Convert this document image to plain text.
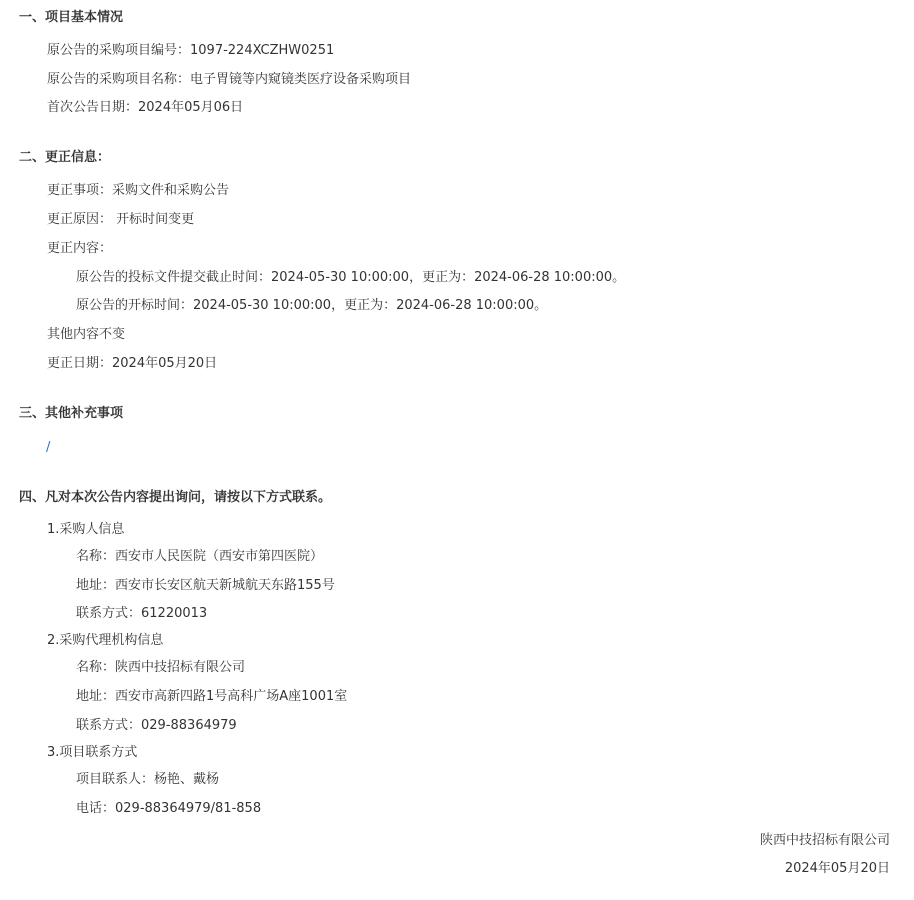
一、项目基本情况
原公告的采购项目编号：1097-224XCZHW0251
原公告的采购项目名称：电子胃镜等内窥镜类医疗设备采购项目
首次公告日期：2024年05月06日
二、更正信息：
更正事项：采购文件和采购公告
更正原因： 开标时间变更
更正内容：
原公告的投标文件提交截止时间：2024-05-30 10:00:00，更正为：2024-06-28 10:00:00。
原公告的开标时间：2024-05-30 10:00:00，更正为：2024-06-28 10:00:00。
其他内容不变
更正日期：2024年05月20日
三、其他补充事项
/
四、凡对本次公告内容提出询问，请按以下方式联系。
1.采购人信息
名称：西安市人民医院（西安市第四医院）
地址：西安市长安区航天新城航天东路155号
联系方式：61220013
2.采购代理机构信息
名称：陕西中技招标有限公司
地址：西安市高新四路1号高科广场A座1001室
联系方式：029-88364979
3.项目联系方式
项目联系人：杨艳、戴杨
电话：029-88364979/81-858
陕西中技招标有限公司
2024年05月20日
